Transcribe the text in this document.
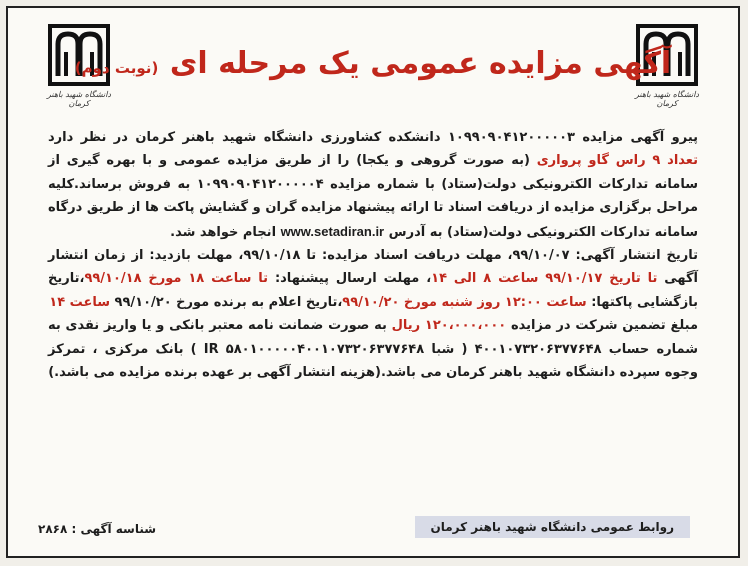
دانشگاه شهید باهنر کرمان
دانشگاه شهید باهنر کرمان
آگهی مزایده عمومی یک مرحله ای (نوبت دوم)

پیرو آگهی مزایده ۱۰۹۹۰۹۰۴۱۲۰۰۰۰۰۳ دانشکده کشاورزی دانشگاه شهید باهنر کرمان در نظر دارد تعداد ۹ راس گاو پرواری (به صورت گروهی و یکجا) را از طریق مزایده عمومی و با بهره گیری از سامانه تدارکات الکترونیکی دولت(ستاد) با شماره مزایده ۱۰۹۹۰۹۰۴۱۲۰۰۰۰۰۴ به فروش برساند.کلیه مراحل برگزاری مزایده از دریافت اسناد تا ارائه پیشنهاد مزایده گران و گشایش پاکت ها از طریق درگاه سامانه تدارکات الکترونیکی دولت(ستاد) به آدرس www.setadiran.ir انجام خواهد شد.

تاریخ انتشار آگهی: ۹۹/۱۰/۰۷، مهلت دریافت اسناد مزایده: تا ۹۹/۱۰/۱۸، مهلت بازدید: از زمان انتشار آگهی تا تاریخ ۹۹/۱۰/۱۷ ساعت ۸ الی ۱۴، مهلت ارسال پیشنهاد: تا ساعت ۱۸ مورخ ۹۹/۱۰/۱۸،تاریخ بازگشایی پاکتها: ساعت ۱۲:۰۰ روز شنبه مورخ ۹۹/۱۰/۲۰،تاریخ اعلام به برنده مورخ ۹۹/۱۰/۲۰ ساعت ۱۴

مبلغ تضمین شرکت در مزایده ۱۲۰،۰۰۰،۰۰۰ ریال به صورت ضمانت نامه معتبر بانکی و یا واریز نقدی به شماره حساب ۴۰۰۱۰۷۳۲۰۶۳۷۷۶۴۸ ( شبا IR ۵۸۰۱۰۰۰۰۰۴۰۰۱۰۷۳۲۰۶۳۷۷۶۴۸ ) بانک مرکزی ، تمرکز وجوه سپرده دانشگاه شهید باهنر کرمان می باشد.(هزینه انتشار آگهی بر عهده برنده مزایده می باشد.)

روابط عمومی دانشگاه شهید باهنر کرمان
شناسه آگهی : ۲۸۶۸
